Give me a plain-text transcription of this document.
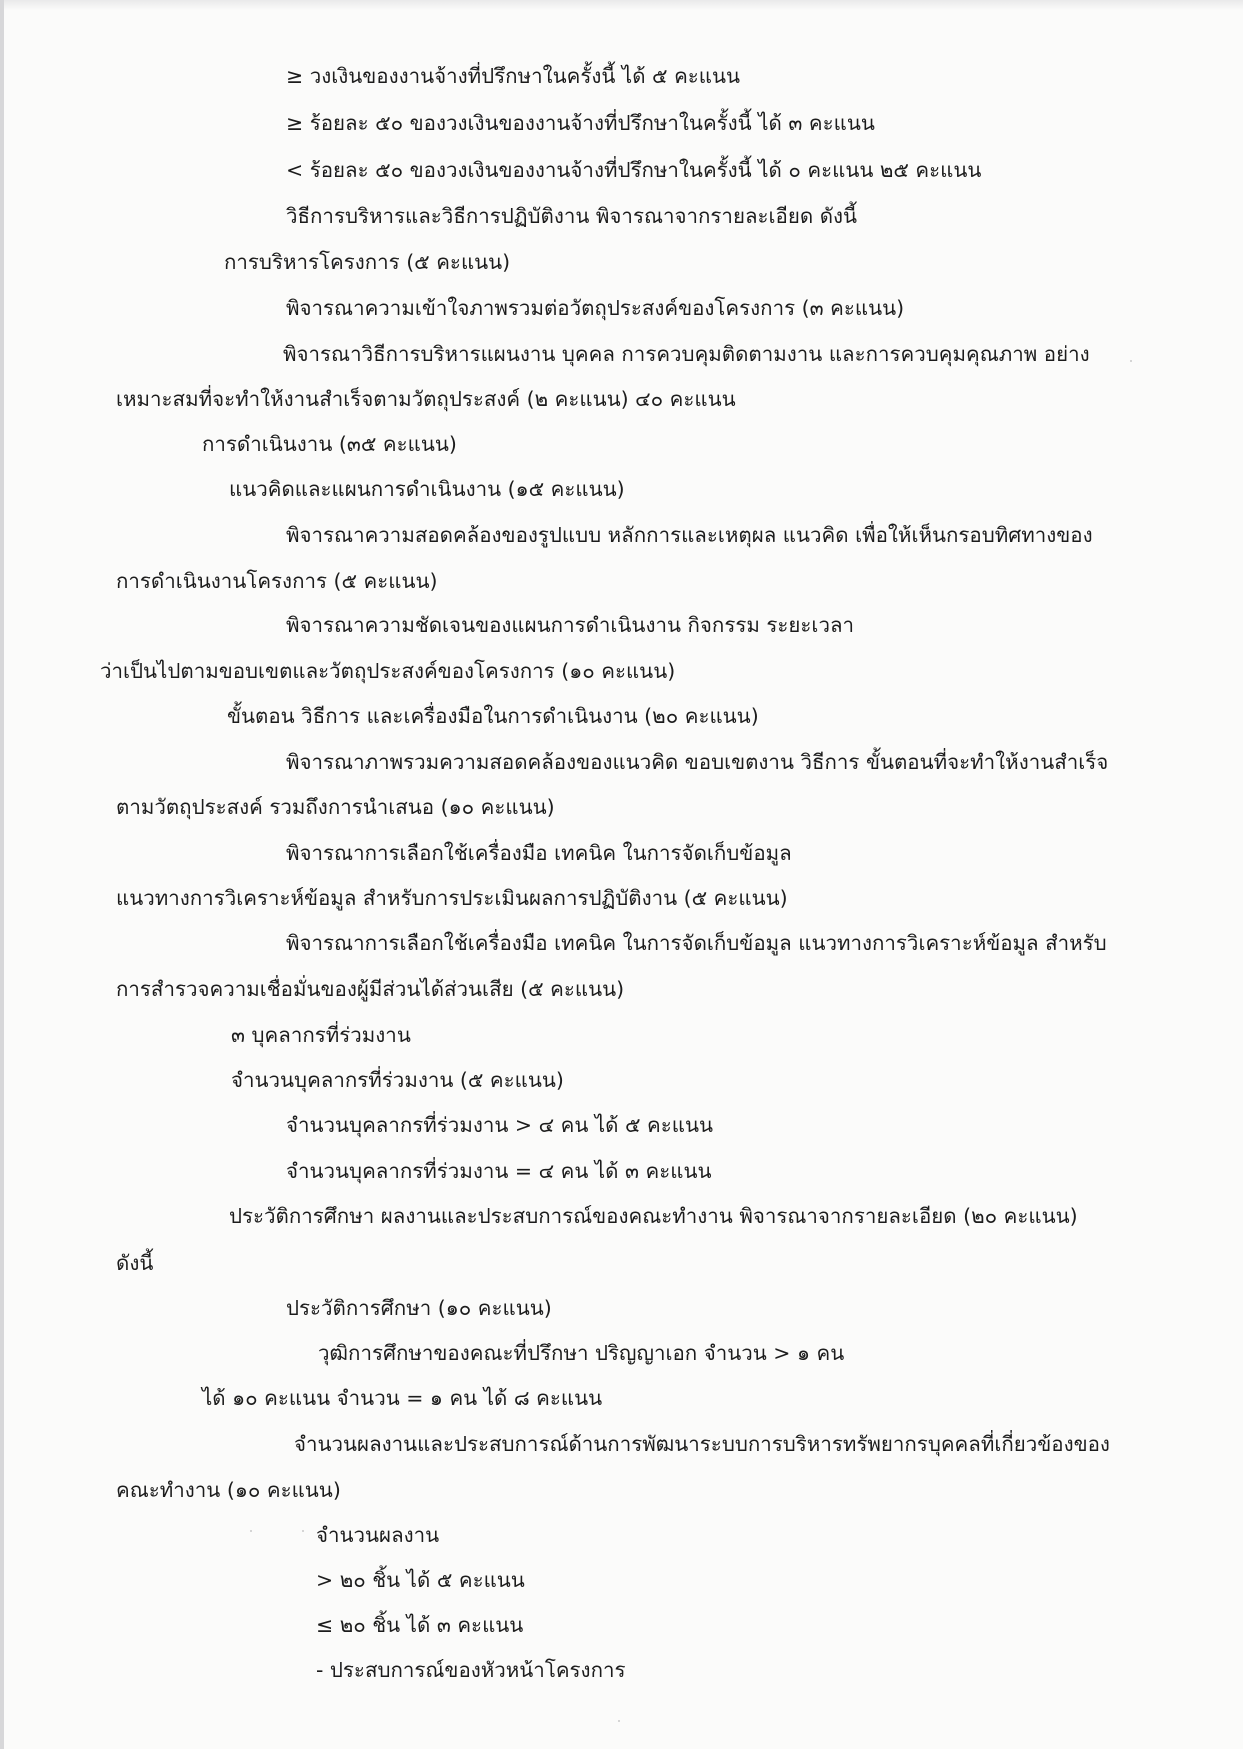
≥ วงเงินของงานจ้างที่ปรึกษาในครั้งนี้ ได้ ๕ คะแนน
≥ ร้อยละ ๕๐ ของวงเงินของงานจ้างที่ปรึกษาในครั้งนี้ ได้ ๓ คะแนน
< ร้อยละ ๕๐ ของวงเงินของงานจ้างที่ปรึกษาในครั้งนี้ ได้ ๐ คะแนน ๒๕ คะแนน
วิธีการบริหารและวิธีการปฏิบัติงาน พิจารณาจากรายละเอียด ดังนี้
การบริหารโครงการ (๕ คะแนน)
พิจารณาความเข้าใจภาพรวมต่อวัตถุประสงค์ของโครงการ (๓ คะแนน)
พิจารณาวิธีการบริหารแผนงาน บุคคล การควบคุมติดตามงาน และการควบคุมคุณภาพ อย่าง
เหมาะสมที่จะทำให้งานสำเร็จตามวัตถุประสงค์ (๒ คะแนน) ๔๐ คะแนน
การดำเนินงาน (๓๕ คะแนน)
แนวคิดและแผนการดำเนินงาน (๑๕ คะแนน)
พิจารณาความสอดคล้องของรูปแบบ หลักการและเหตุผล แนวคิด เพื่อให้เห็นกรอบทิศทางของ
การดำเนินงานโครงการ (๕ คะแนน)
พิจารณาความชัดเจนของแผนการดำเนินงาน กิจกรรม ระยะเวลา
ว่าเป็นไปตามขอบเขตและวัตถุประสงค์ของโครงการ (๑๐ คะแนน)
ขั้นตอน วิธีการ และเครื่องมือในการดำเนินงาน (๒๐ คะแนน)
พิจารณาภาพรวมความสอดคล้องของแนวคิด ขอบเขตงาน วิธีการ ขั้นตอนที่จะทำให้งานสำเร็จ
ตามวัตถุประสงค์ รวมถึงการนำเสนอ (๑๐ คะแนน)
พิจารณาการเลือกใช้เครื่องมือ เทคนิค ในการจัดเก็บข้อมูล
แนวทางการวิเคราะห์ข้อมูล สำหรับการประเมินผลการปฏิบัติงาน (๕ คะแนน)
พิจารณาการเลือกใช้เครื่องมือ เทคนิค ในการจัดเก็บข้อมูล แนวทางการวิเคราะห์ข้อมูล สำหรับ
การสำรวจความเชื่อมั่นของผู้มีส่วนได้ส่วนเสีย (๕ คะแนน)
๓ บุคลากรที่ร่วมงาน
จำนวนบุคลากรที่ร่วมงาน (๕ คะแนน)
จำนวนบุคลากรที่ร่วมงาน > ๔ คน ได้ ๕ คะแนน
จำนวนบุคลากรที่ร่วมงาน = ๔ คน ได้ ๓ คะแนน
ประวัติการศึกษา ผลงานและประสบการณ์ของคณะทำงาน พิจารณาจากรายละเอียด (๒๐ คะแนน)
ดังนี้
ประวัติการศึกษา (๑๐ คะแนน)
วุฒิการศึกษาของคณะที่ปรึกษา ปริญญาเอก จำนวน > ๑ คน
ได้ ๑๐ คะแนน จำนวน = ๑ คน ได้ ๘ คะแนน
จำนวนผลงานและประสบการณ์ด้านการพัฒนาระบบการบริหารทรัพยากรบุคคลที่เกี่ยวข้องของ
คณะทำงาน (๑๐ คะแนน)
จำนวนผลงาน
> ๒๐ ชิ้น ได้ ๕ คะแนน
≤ ๒๐ ชิ้น ได้ ๓ คะแนน
- ประสบการณ์ของหัวหน้าโครงการ
